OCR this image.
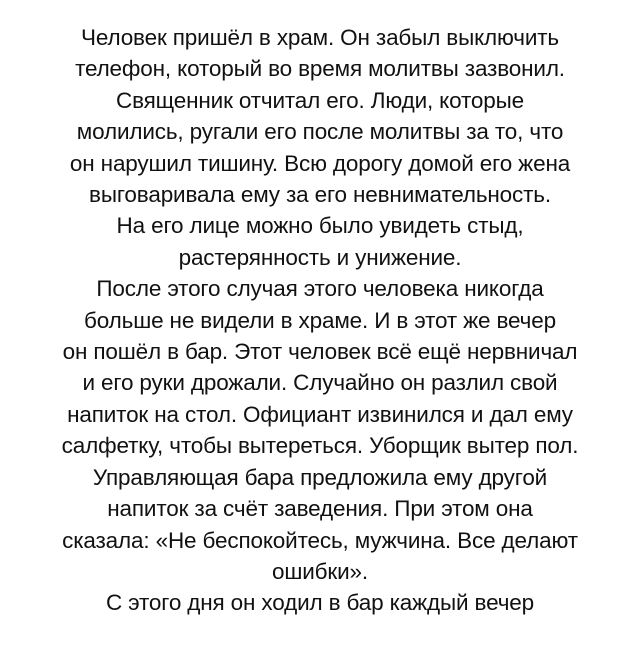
Человек пришёл в храм. Он забыл выключить
телефон, который во время молитвы зазвонил.
Священник отчитал его. Люди, которые
молились, ругали его после молитвы за то, что
он нарушил тишину. Всю дорогу домой его жена
выговаривала ему за его невнимательность.
На его лице можно было увидеть стыд,
растерянность и унижение.
После этого случая этого человека никогда
больше не видели в храме. И в этот же вечер
он пошёл в бар. Этот человек всё ещё нервничал
и его руки дрожали. Случайно он разлил свой
напиток на стол. Официант извинился и дал ему
салфетку, чтобы вытереться. Уборщик вытер пол.
Управляющая бара предложила ему другой
напиток за счёт заведения. При этом она
сказала: «Не беспокойтесь, мужчина. Все делают
ошибки».
С этого дня он ходил в бар каждый вечер
